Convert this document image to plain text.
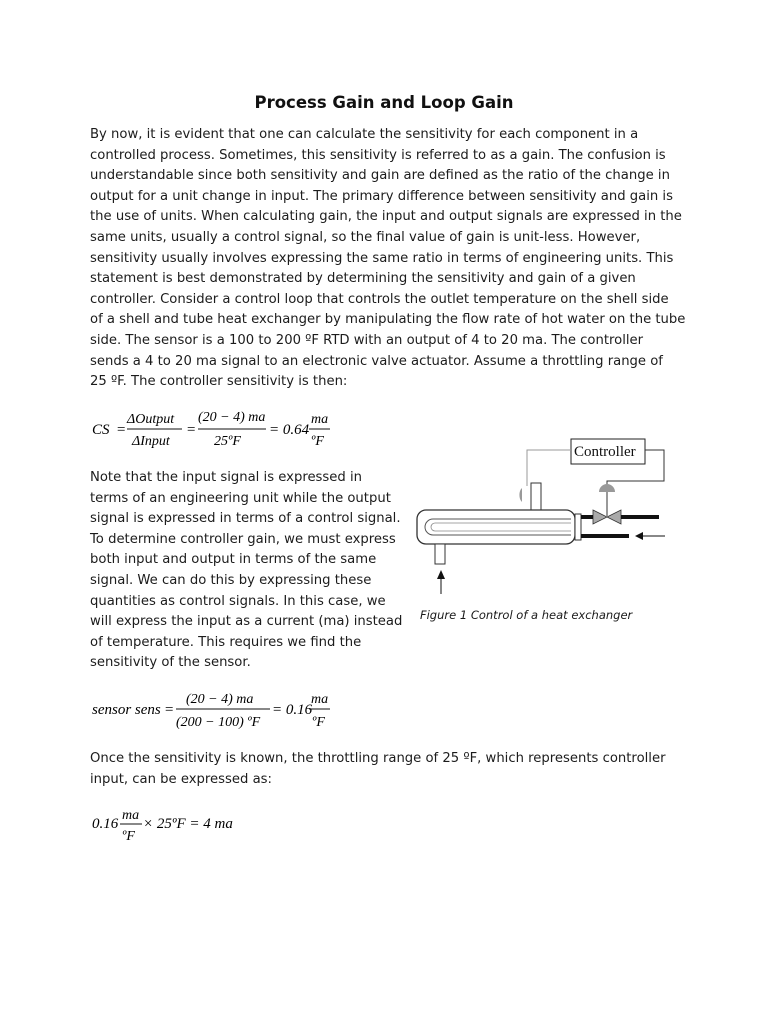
Process Gain and Loop Gain
By now, it is evident that one can calculate the sensitivity for each component in a
controlled process. Sometimes, this sensitivity is referred to as a gain. The confusion is
understandable since both sensitivity and gain are defined as the ratio of the change in
output for a unit change in input. The primary difference between sensitivity and gain is
the use of units. When calculating gain, the input and output signals are expressed in the
same units, usually a control signal, so the final value of gain is unit-less. However,
sensitivity usually involves expressing the same ratio in terms of engineering units. This
statement is best demonstrated by determining the sensitivity and gain of a given
controller. Consider a control loop that controls the outlet temperature on the shell side
of a shell and tube heat exchanger by manipulating the flow rate of hot water on the tube
side. The sensor is a 100 to 200 ºF RTD with an output of 4 to 20 ma. The controller
sends a 4 to 20 ma signal to an electronic valve actuator. Assume a throttling range of
25 ºF. The controller sensitivity is then:
CS =
ΔOutput
ΔInput
=
(20 − 4) ma
25ºF
= 0.64
ma
ºF
Note that the input signal is expressed in
terms of an engineering unit while the output
signal is expressed in terms of a control signal.
To determine controller gain, we must express
both input and output in terms of the same
signal. We can do this by expressing these
quantities as control signals. In this case, we
will express the input as a current (ma) instead
of temperature. This requires we find the
sensitivity of the sensor.
Controller
Figure 1 Control of a heat exchanger
sensor sens =
(20 − 4) ma
(200 − 100) ºF
= 0.16
ma
ºF
Once the sensitivity is known, the throttling range of 25 ºF, which represents controller
input, can be expressed as:
0.16
ma
ºF
× 25ºF = 4 ma
